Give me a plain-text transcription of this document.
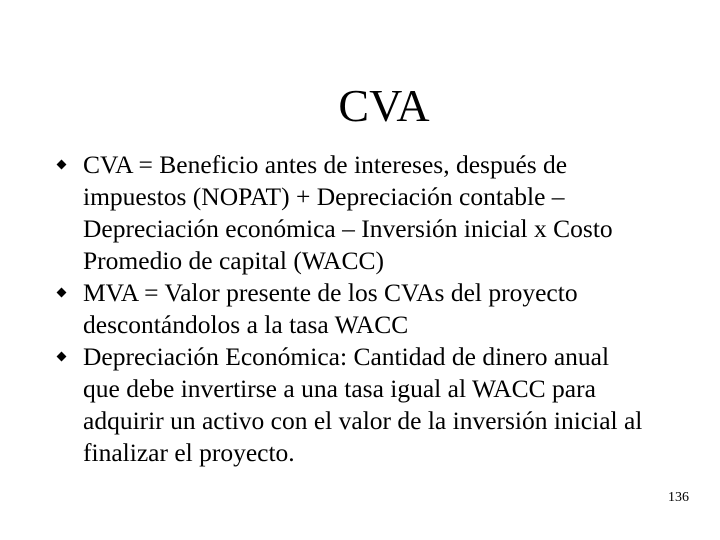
CVA
CVA = Beneficio antes de intereses, después de impuestos (NOPAT) + Depreciación contable – Depreciación económica – Inversión inicial x Costo Promedio de capital (WACC)
MVA = Valor presente de los CVAs del proyecto descontándolos a la tasa WACC
Depreciación Económica: Cantidad de dinero anual que debe invertirse a una tasa igual al WACC para adquirir un activo con el valor de la inversión inicial al finalizar el proyecto.
136
